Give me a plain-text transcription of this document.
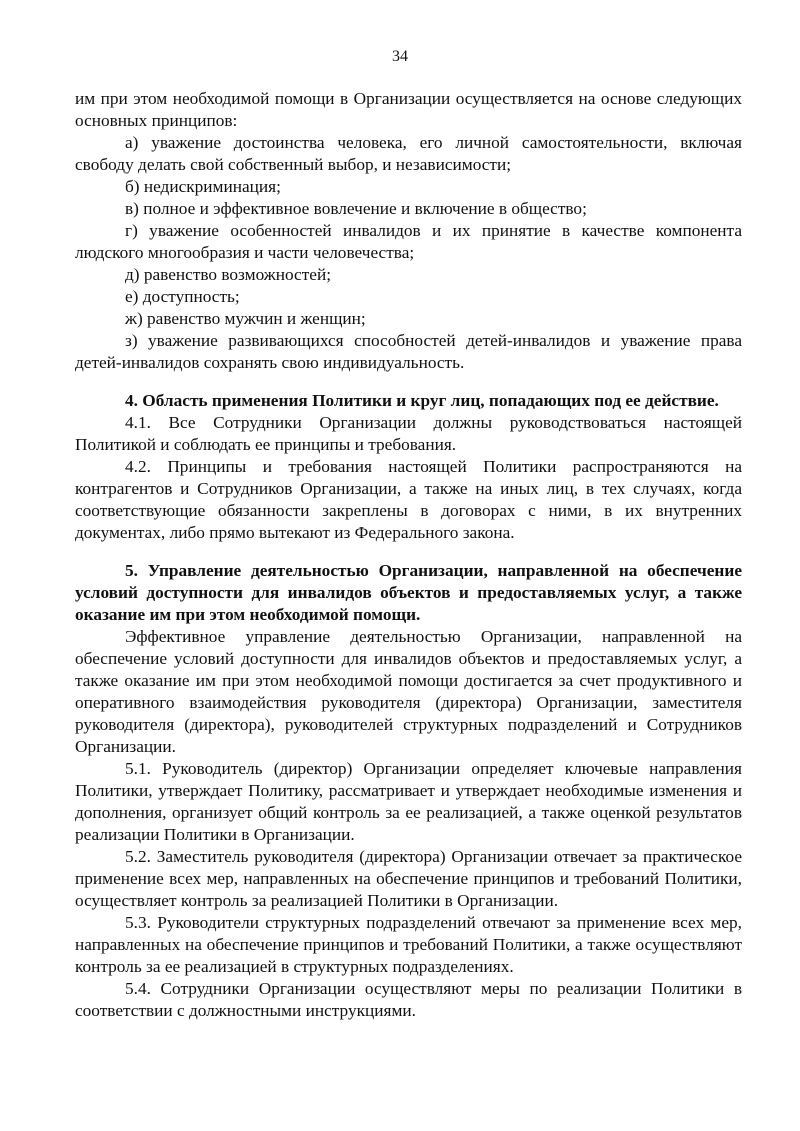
34

им при этом необходимой помощи в Организации осуществляется на основе следующих основных принципов:

а) уважение достоинства человека, его личной самостоятельности, включая свободу делать свой собственный выбор, и независимости;

б) недискриминация;

в) полное и эффективное вовлечение и включение в общество;

г) уважение особенностей инвалидов и их принятие в качестве компонента людского многообразия и части человечества;

д) равенство возможностей;

е) доступность;

ж) равенство мужчин и женщин;

з) уважение развивающихся способностей детей-инвалидов и уважение права детей-инвалидов сохранять свою индивидуальность.

4. Область применения Политики и круг лиц, попадающих под ее действие.

4.1. Все Сотрудники Организации должны руководствоваться настоящей Политикой и соблюдать ее принципы и требования.

4.2. Принципы и требования настоящей Политики распространяются на контрагентов и Сотрудников Организации, а также на иных лиц, в тех случаях, когда соответствующие обязанности закреплены в договорах с ними, в их внутренних документах, либо прямо вытекают из Федерального закона.

5. Управление деятельностью Организации, направленной на обеспечение условий доступности для инвалидов объектов и предоставляемых услуг, а также оказание им при этом необходимой помощи.

Эффективное управление деятельностью Организации, направленной на обеспечение условий доступности для инвалидов объектов и предоставляемых услуг, а также оказание им при этом необходимой помощи достигается за счет продуктивного и оперативного взаимодействия руководителя (директора) Организации, заместителя руководителя (директора), руководителей структурных подразделений и Сотрудников Организации.

5.1. Руководитель (директор) Организации определяет ключевые направления Политики, утверждает Политику, рассматривает и утверждает необходимые изменения и дополнения, организует общий контроль за ее реализацией, а также оценкой результатов реализации Политики в Организации.

5.2. Заместитель руководителя (директора) Организации отвечает за практическое применение всех мер, направленных на обеспечение принципов и требований Политики, осуществляет контроль за реализацией Политики в Организации.

5.3. Руководители структурных подразделений отвечают за применение всех мер, направленных на обеспечение принципов и требований Политики, а также осуществляют контроль за ее реализацией в структурных подразделениях.

5.4. Сотрудники Организации осуществляют меры по реализации Политики в соответствии с должностными инструкциями.
